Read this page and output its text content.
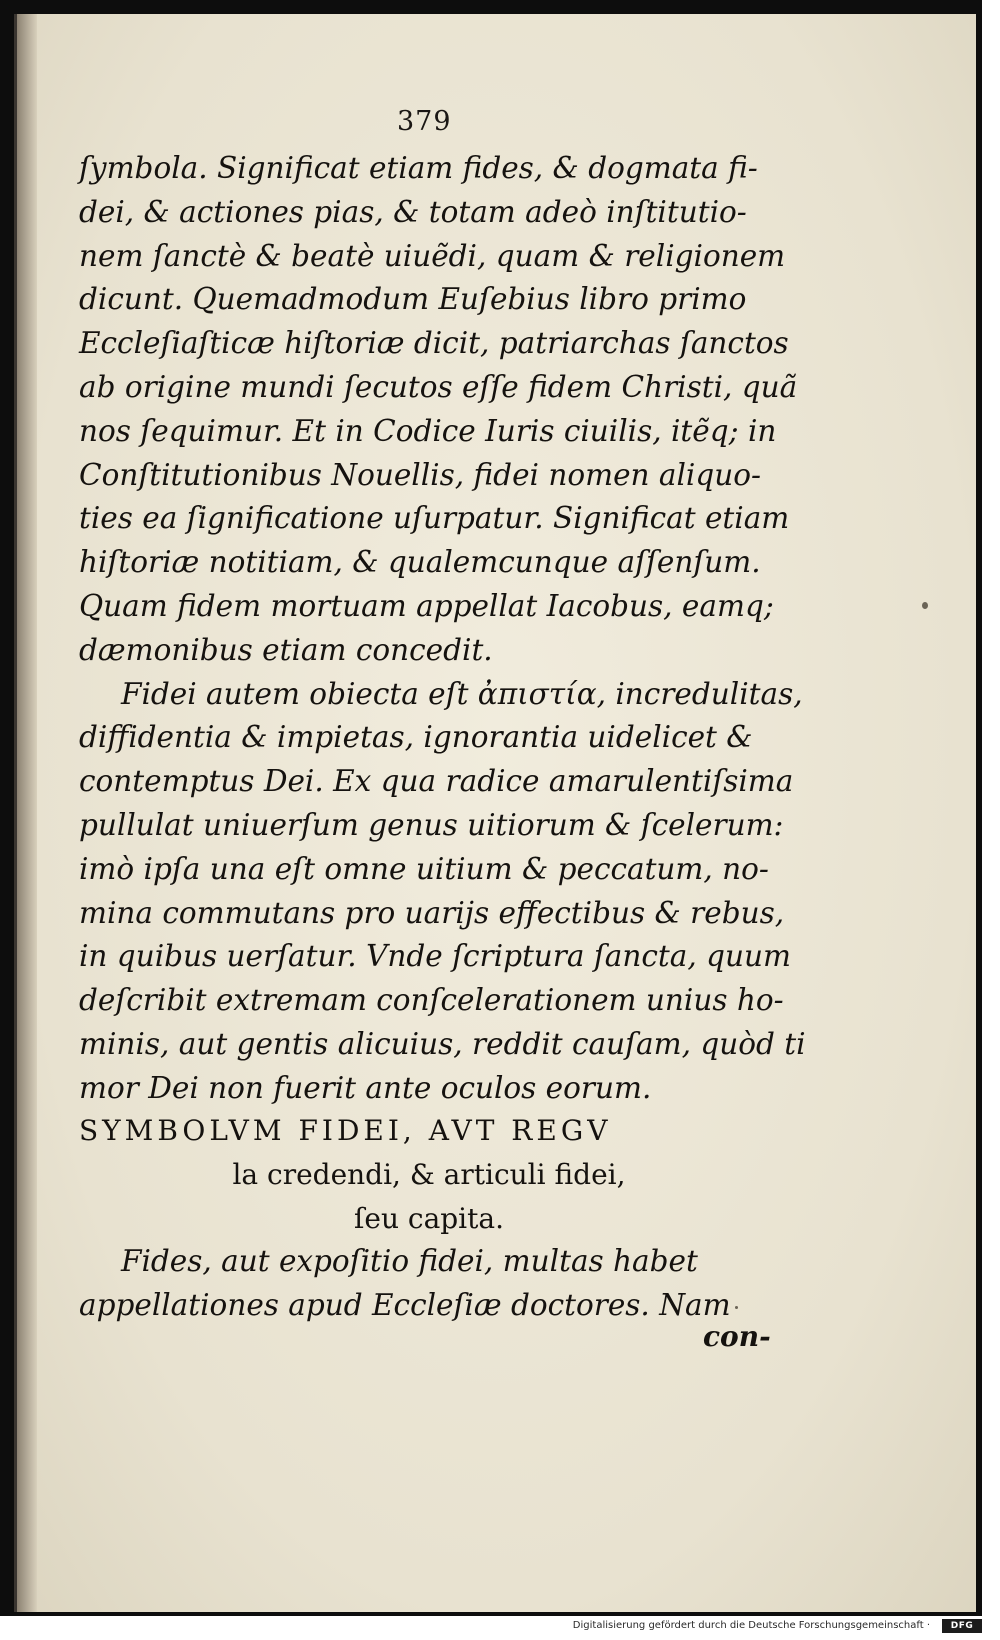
379
ſymbola. Significat etiam fides, & dogmata fi-
dei, & actiones pias, & totam adeò inſtitutio-
nem ſanctè & beatè uiuẽdi, quam & religionem
dicunt. Quemadmodum Euſebius libro primo
Eccleſiaſticæ hiſtoriæ dicit, patriarchas ſanctos
ab origine mundi ſecutos eſſe fidem Christi, quã
nos ſequimur. Et in Codice Iuris ciuilis, itẽq; in
Conſtitutionibus Nouellis, fidei nomen aliquo-
ties ea ſignificatione uſurpatur. Significat etiam
hiſtoriæ notitiam, & qualemcunque aſſenſum.
Quam fidem mortuam appellat Iacobus, eamq;
dæmonibus etiam concedit.
Fidei autem obiecta eſt ἀπιστία, incredulitas,
diffidentia & impietas, ignorantia uidelicet &
contemptus Dei. Ex qua radice amarulentiſsima
pullulat uniuerſum genus uitiorum & ſcelerum:
imò ipſa una eſt omne uitium & peccatum, no-
mina commutans pro uarijs effectibus & rebus,
in quibus uerſatur. Vnde ſcriptura ſancta, quum
deſcribit extremam conſcelerationem unius ho-
minis, aut gentis alicuius, reddit cauſam, quòd ti
mor Dei non fuerit ante oculos eorum.
SYMBOLVM FIDEI, AVT REGV
la credendi, & articuli fidei,
ſeu capita.
Fides, aut expoſitio fidei, multas habet
appellationes apud Eccleſiæ doctores. Nam
con-
Digitalisierung gefördert durch die Deutsche Forschungsgemeinschaft ·	DFG
